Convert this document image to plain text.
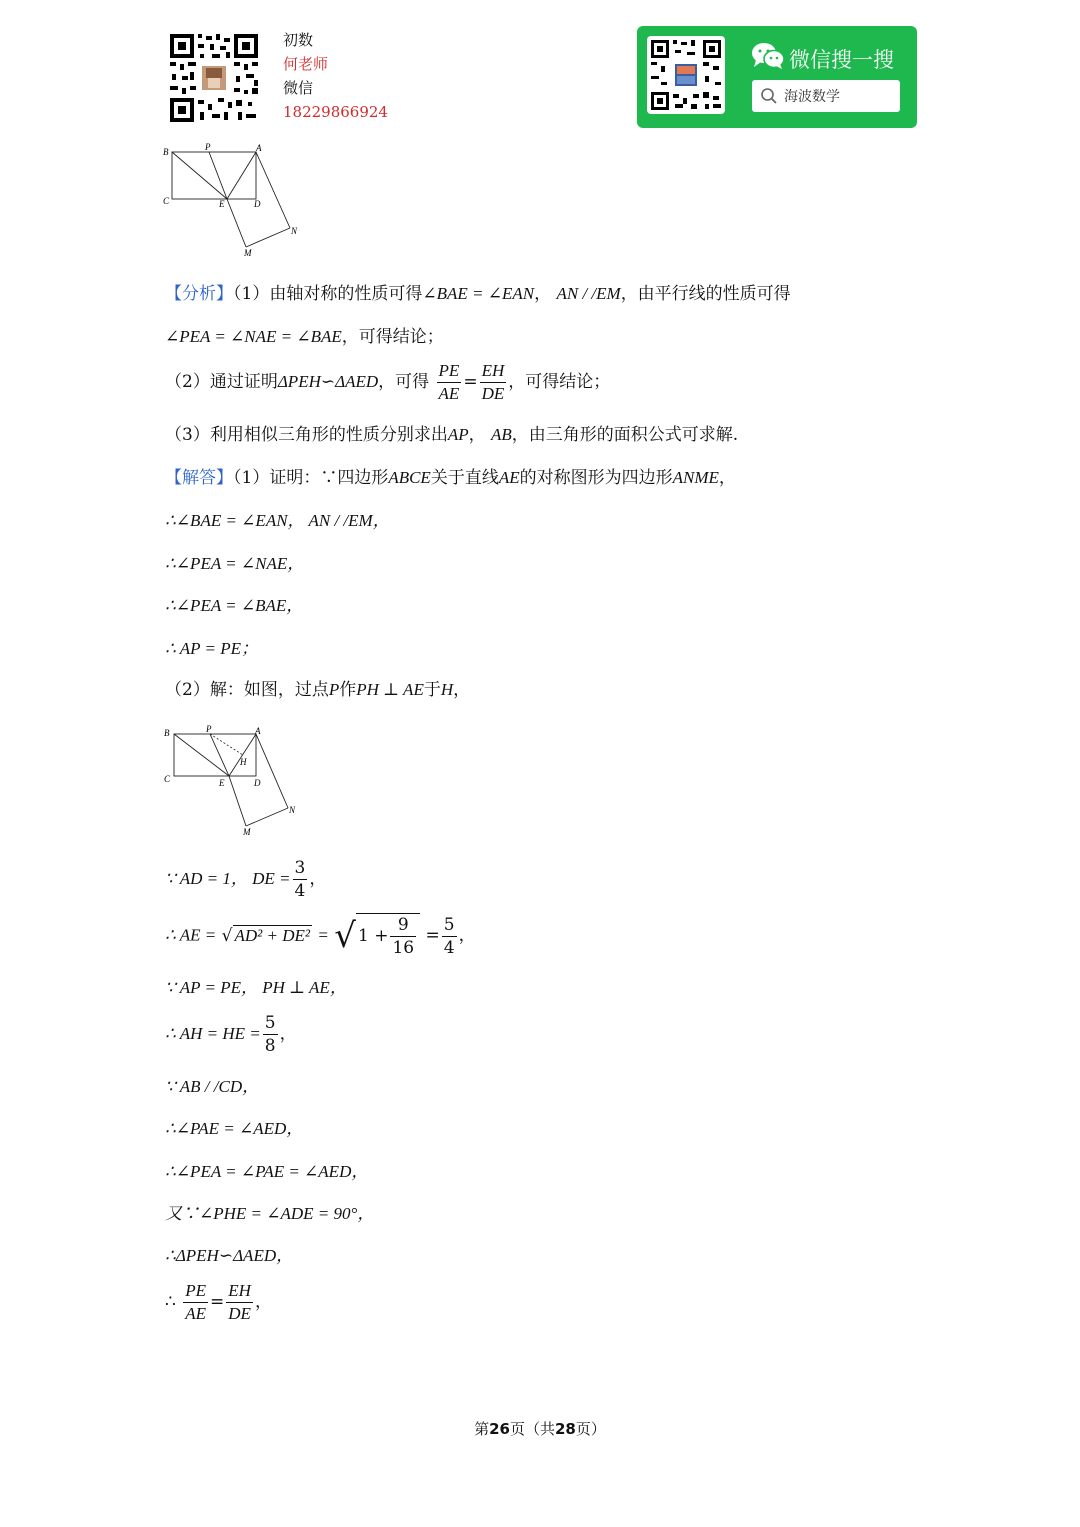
初数
何老师
微信
18229866924
微信搜一搜
海波数学
B	P	A
C	E	D
M
N
【分析】（1）由轴对称的性质可得∠BAE = ∠EAN， AN / /EM，由平行线的性质可得
∠PEA = ∠NAE = ∠BAE，可得结论；
（2）通过证明ΔPEH∽ΔAED，可得 $\frac{PE}{AE} = \frac{EH}{DE}$ ，可得结论；
（3）利用相似三角形的性质分别求出AP， AB，由三角形的面积公式可求解.
【解答】（1）证明：∵四边形ABCE关于直线AE的对称图形为四边形ANME，
∴∠BAE = ∠EAN， AN / /EM，
∴∠PEA = ∠NAE，
∴∠PEA = ∠BAE，
∴ AP = PE；
（2）解：如图，过点P作PH ⊥ AE于H，
B	P	A
H
C	E	D
M
N
∵ AD = 1， DE = $\frac{3}{4}$ ，
∴ AE = √ AD² + DE² = √ $1 + \frac{9}{16} = \frac{5}{4}$ ，
∵ AP = PE， PH ⊥ AE，
∴ AH = HE = $\frac{5}{8}$ ，
∵ AB / /CD，
∴∠PAE = ∠AED，
∴∠PEA = ∠PAE = ∠AED，
又∵∠PHE = ∠ADE = 90°，
∴ΔPEH∽ΔAED，
∴ $\frac{PE}{AE} = \frac{EH}{DE}$ ，
第26页（共28页）
